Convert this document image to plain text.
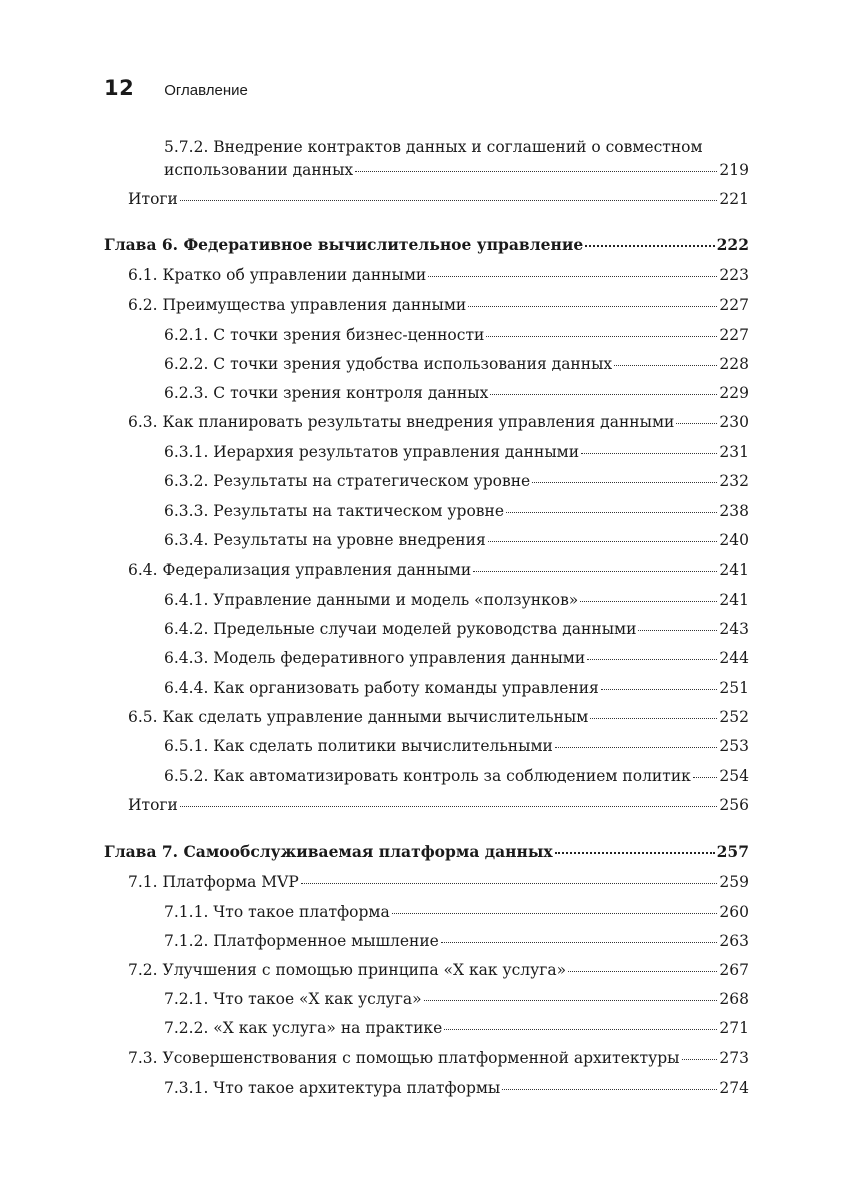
12 Оглавление
5.7.2. Внедрение контрактов данных и соглашений о совместном
использовании данных	219
Итоги	221
Глава 6. Федеративное вычислительное управление	222
6.1. Кратко об управлении данными	223
6.2. Преимущества управления данными	227
6.2.1. С точки зрения бизнес-ценности	227
6.2.2. С точки зрения удобства использования данных	228
6.2.3. С точки зрения контроля данных	229
6.3. Как планировать результаты внедрения управления данными	230
6.3.1. Иерархия результатов управления данными	231
6.3.2. Результаты на стратегическом уровне	232
6.3.3. Результаты на тактическом уровне	238
6.3.4. Результаты на уровне внедрения	240
6.4. Федерализация управления данными	241
6.4.1. Управление данными и модель «ползунков»	241
6.4.2. Предельные случаи моделей руководства данными	243
6.4.3. Модель федеративного управления данными	244
6.4.4. Как организовать работу команды управления	251
6.5. Как сделать управление данными вычислительным	252
6.5.1. Как сделать политики вычислительными	253
6.5.2. Как автоматизировать контроль за соблюдением политик 254
Итоги	256
Глава 7. Самообслуживаемая платформа данных	257
7.1. Платформа MVP	259
7.1.1. Что такое платформа	260
7.1.2. Платформенное мышление	263
7.2. Улучшения с помощью принципа «X как услуга»	267
7.2.1. Что такое «X как услуга»	268
7.2.2. «X как услуга» на практике	271
7.3. Усовершенствования с помощью платформенной архитектуры	273
7.3.1. Что такое архитектура платформы	274
